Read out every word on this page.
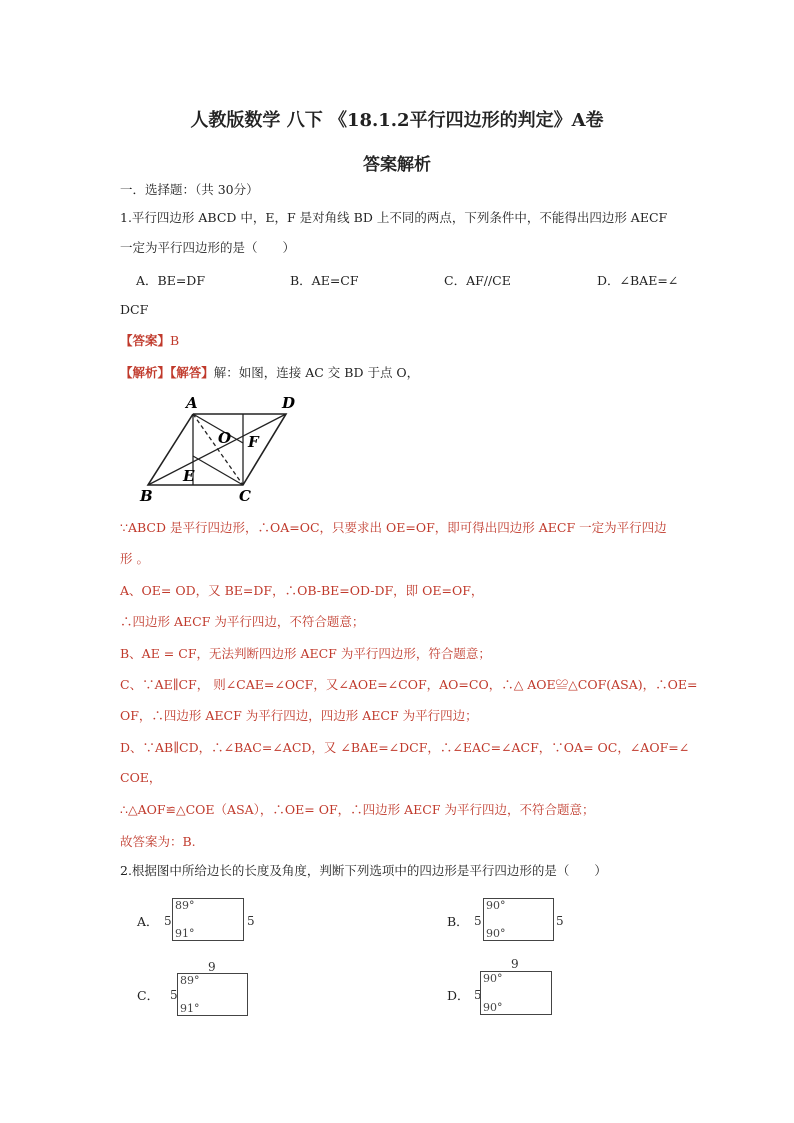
人教版数学 八下 《18.1.2平行四边形的判定》A卷
答案解析
一．选择题：（共 30分）
1.平行四边形 ABCD 中，E，F 是对角线 BD 上不同的两点，下列条件中，不能得出四边形 AECF
一定为平行四边形的是（　　）
A．BE=DF	B．AE=CF	C．AF//CE	D．∠BAE=∠
DCF
【答案】B
【解析】【解答】解：如图，连接 AC 交 BD 于点 O，
A	D
O F
E
B	C
∵ABCD 是平行四边形，∴OA=OC，只要求出 OE=OF，即可得出四边形 AECF 一定为平行四边
形 。
A、OE= OD，又 BE=DF，∴OB-BE=OD-DF，即 OE=OF，
∴四边形 AECF 为平行四边，不符合题意；
B、AE = CF，无法判断四边形 AECF 为平行四边形，符合题意；
C、∵AE∥CF， 则∠CAE=∠OCF，又∠AOE=∠COF，AO=CO，∴△ AOE≌△COF(ASA)，∴OE=
OF，∴四边形 AECF 为平行四边，四边形 AECF 为平行四边；
D、∵AB∥CD，∴∠BAC=∠ACD，又 ∠BAE=∠DCF，∴∠EAC=∠ACF，∵OA= OC，∠AOF=∠
COE，
∴△AOF≌△COE（ASA），∴OE= OF，∴四边形 AECF 为平行四边，不符合题意；
故答案为：B.
2.根据图中所给边长的长度及角度，判断下列选项中的四边形是平行四边形的是（　　）
A． 5
89°
91°
5	B． 5
90°
90°
5
9
C． 5
89°
91°
9
D． 5
90°
90°
